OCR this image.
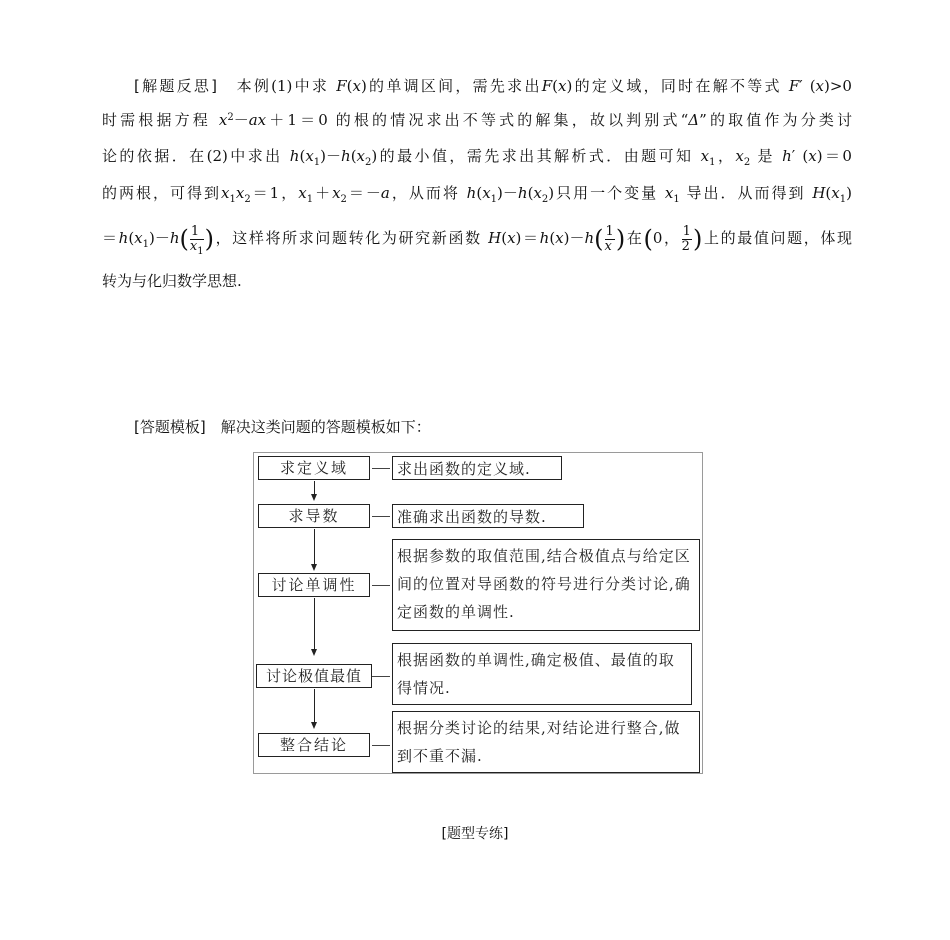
[解题反思]　 本例(1)中求 F(x)的单调区间，需先求出F(x)的定义域，同时在解不等式 F′ (x)>0
时需根据方程 $x^2-ax+1=0$ 的根的情况求出不等式的解集，故以判别式“Δ”的取值作为分类讨
论的依据．在(2)中求出 $h(x_1)-h(x_2)$的最小值，需先求出其解析式．由题可知 $x_1$，$x_2$ 是 h′ (x)＝0
的两根，可得到$x_1x_2=1$，$x_1+x_2=-a$，从而将 $h(x_1)-h(x_2)$只用一个变量 $x_1$ 导出．从而得到 $H(x_1)$
$=h(x_1)-h( \frac{1}{x_1}$ )，这样将所求问题转化为研究新函数 $H(x)=h(x)-h( \frac{1}{x}$ )在(0， $\frac{1}{2}$ )上的最值问题，体现
转为与化归数学思想.
[答题模板]　 解决这类问题的答题模板如下：
求定义域	求出函数的定义域.
求导数	准确求出函数的导数.
讨论单调性
根据参数的取值范围,结合极值点与给定区间的位置对导函数的符号进行分类讨论,确定函数的单调性.
讨论极值最值
根据函数的单调性,确定极值、最值的取得情况.
整合结论
根据分类讨论的结果,对结论进行整合,做到不重不漏.
[题型专练]
